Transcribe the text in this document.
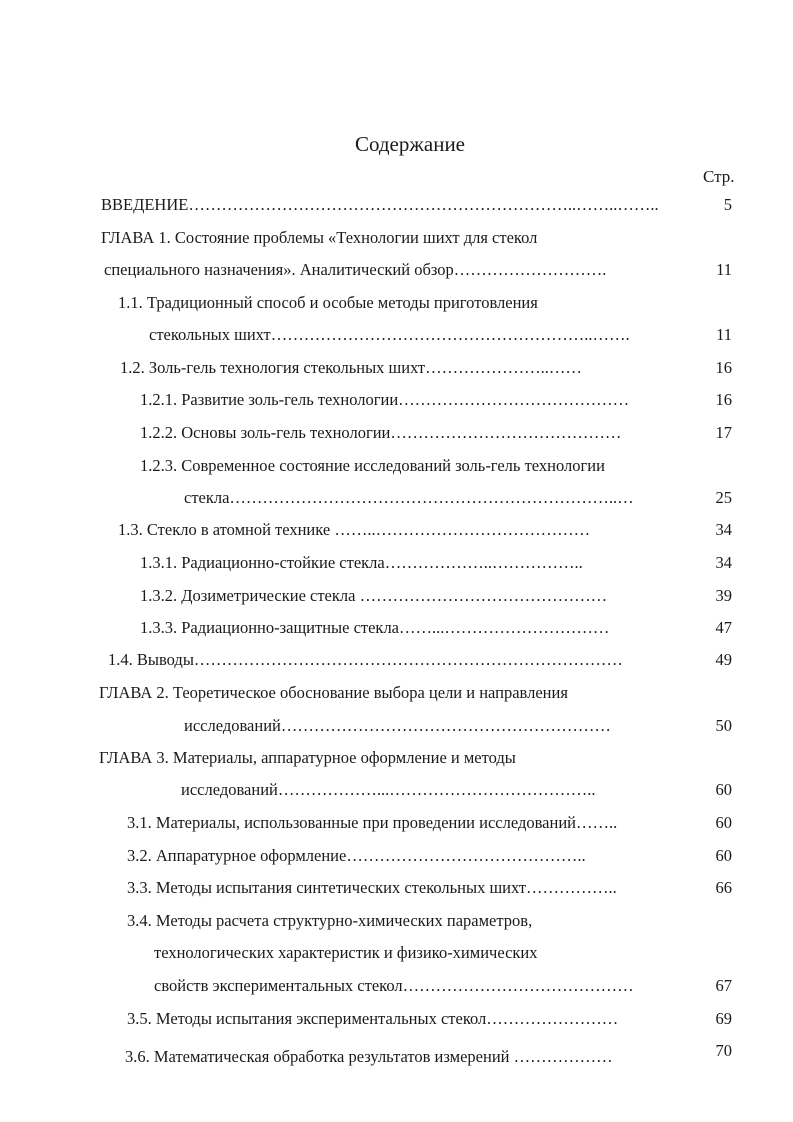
Содержание
Стр.
ВВЕДЕНИЕ……………………………………………………………..……..……..	5
ГЛАВА 1. Состояние проблемы «Технологии шихт для стекол
специального назначения». Аналитический обзор……………………….	11
1.1. Традиционный способ и особые методы приготовления
стекольных шихт…………………………………………………..…….	11
1.2. Золь-гель технология стекольных шихт…………………..……	16
1.2.1. Развитие золь-гель технологии……………………………………	16
1.2.2. Основы золь-гель технологии……………………………………	17
1.2.3. Современное состояние исследований золь-гель технологии
стекла……………………………………………………………..…	25
1.3. Стекло в атомной технике ……..…………………………………	34
1.3.1. Радиационно-стойкие стекла………………..……………..	34
1.3.2. Дозиметрические стекла ………………………………………	39
1.3.3. Радиационно-защитные стекла……...…………………………	47
1.4. Выводы……………………………………………………………………	49
ГЛАВА 2. Теоретическое обоснование выбора цели и направления
исследований……………………………………………………	50
ГЛАВА 3. Материалы, аппаратурное оформление и методы
исследований………………...………………………………..	60
3.1. Материалы, использованные при проведении исследований……..	60
3.2. Аппаратурное оформление……………………………………..	60
3.3. Методы испытания синтетических стекольных шихт……………..	66
3.4. Методы расчета структурно-химических параметров,
технологических характеристик и физико-химических
свойств экспериментальных стекол……………………………………	67
3.5. Методы испытания экспериментальных стекол……………………	69
3.6. Математическая обработка результатов измерений ………………	70
